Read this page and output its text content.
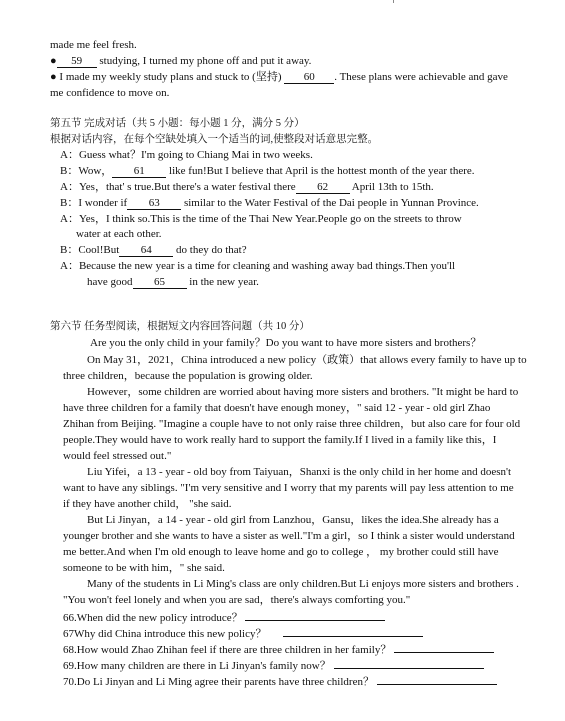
made me feel fresh.
● 59 studying, I turned my phone off and put it away.
● I made my weekly study plans and stuck to (坚持) 60 . These plans were achievable and gave
me confidence to move on.
第五节 完成对话（共 5 小题：每小题 1 分，满分 5 分）
根据对话内容，在每个空缺处填入一个适当的词,使整段对话意思完整。
A：Guess what？I'm going to Chiang Mai in two weeks.
B：Wow， 61 like fun!But I believe that April is the hottest month of the year there.
A：Yes，that' s true.But there's a water festival there 62 April 13th to 15th.
B：I wonder if 63 similar to the Water Festival of the Dai people in Yunnan Province.
A：Yes，I think so.This is the time of the Thai New Year.People go on the streets to throw
water at each other.
B：Cool!But 64 do they do that?
A：Because the new year is a time for cleaning and washing away bad things.Then you'll
have good 65 in the new year.
第六节 任务型阅读，根据短文内容回答问题（共 10 分）
Are you the only child in your family？Do you want to have more sisters and brothers？
On May 31，2021，China introduced a new policy（政策）that allows every family to have up to
three children，because the population is growing older.
However，some children are worried about having more sisters and brothers. "It might be hard to
have three children for a family that doesn't have enough money，" said 12 - year - old girl Zhao
Zhihan from Beijing. "Imagine a couple have to not only raise three children，but also care for four old
people.They would have to work really hard to support the family.If I lived in a family like this，I
would feel stressed out."
Liu Yifei，a 13 - year - old boy from Taiyuan，Shanxi is the only child in her home and doesn't
want to have any siblings. "I'm very sensitive and I worry that my parents will pay less attention to me
if they have another child， "she said.
But Li Jinyan，a 14 - year - old girl from Lanzhou，Gansu，likes the idea.She already has a
younger brother and she wants to have a sister as well."I'm a girl，so I think a sister would understand
me better.And when I'm old enough to leave home and go to college ， my brother could still have
someone to be with him，" she said.
Many of the students in Li Ming's class are only children.But Li enjoys more sisters and brothers .
"You won't feel lonely and when you are sad，there's always comforting you."
66.When did the new policy introduce？
67Why did China introduce this new policy？
68.How would Zhao Zhihan feel if there are three children in her family？
69.How many children are there in Li Jinyan's family now？
70.Do Li Jinyan and Li Ming agree their parents have three children？
